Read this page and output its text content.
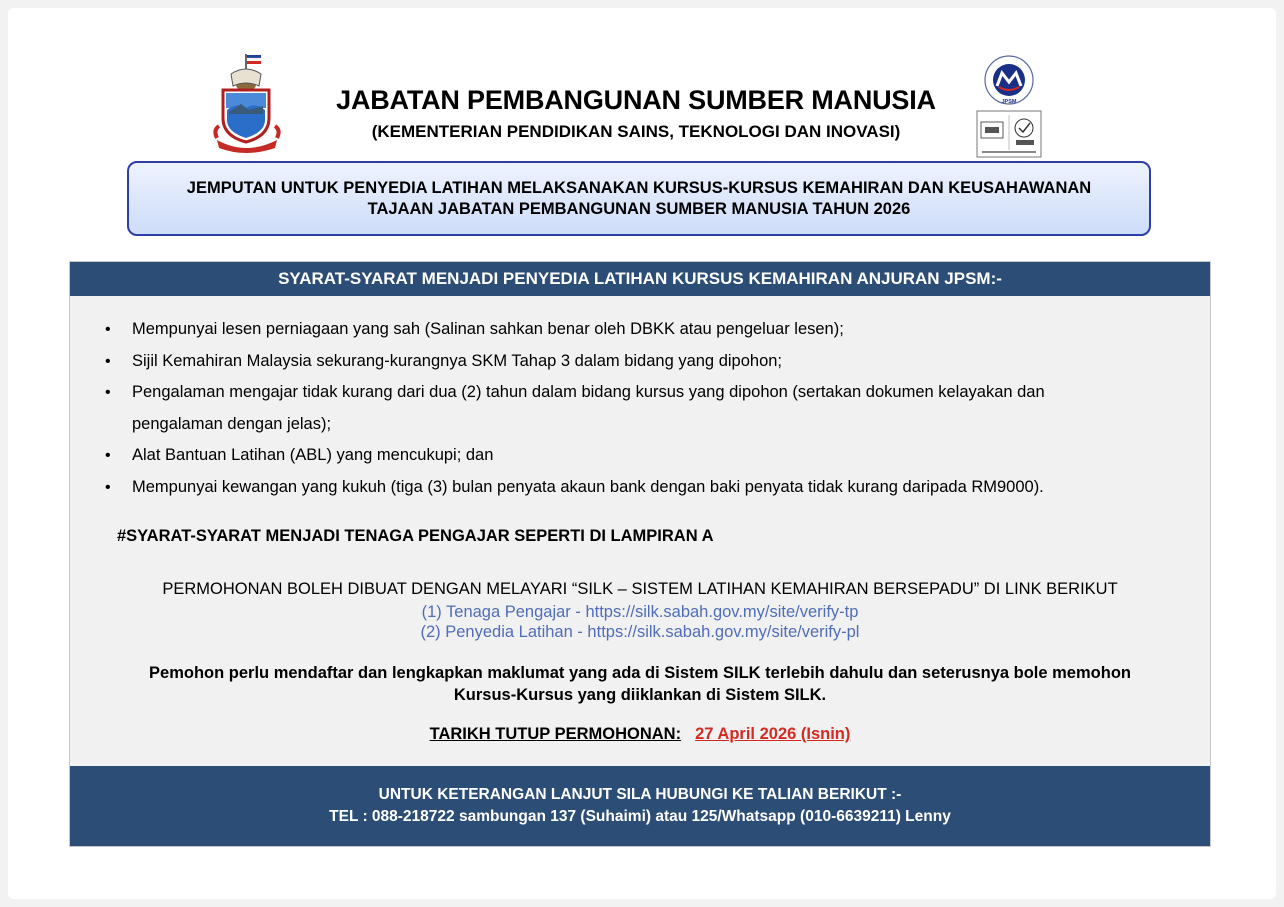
JABATAN PEMBANGUNAN SUMBER MANUSIA
(KEMENTERIAN PENDIDIKAN SAINS, TEKNOLOGI DAN INOVASI)
JPSM
JEMPUTAN UNTUK PENYEDIA LATIHAN MELAKSANAKAN KURSUS-KURSUS KEMAHIRAN DAN KEUSAHAWANAN
TAJAAN JABATAN PEMBANGUNAN SUMBER MANUSIA TAHUN 2026
SYARAT-SYARAT MENJADI PENYEDIA LATIHAN KURSUS KEMAHIRAN ANJURAN JPSM:-
• Mempunyai lesen perniagaan yang sah (Salinan sahkan benar oleh DBKK atau pengeluar lesen);
• Sijil Kemahiran Malaysia sekurang-kurangnya SKM Tahap 3 dalam bidang yang dipohon;
• Pengalaman mengajar tidak kurang dari dua (2) tahun dalam bidang kursus yang dipohon (sertakan dokumen kelayakan dan
pengalaman dengan jelas);
• Alat Bantuan Latihan (ABL) yang mencukupi; dan
• Mempunyai kewangan yang kukuh (tiga (3) bulan penyata akaun bank dengan baki penyata tidak kurang daripada RM9000).
#SYARAT-SYARAT MENJADI TENAGA PENGAJAR SEPERTI DI LAMPIRAN A
PERMOHONAN BOLEH DIBUAT DENGAN MELAYARI “SILK – SISTEM LATIHAN KEMAHIRAN BERSEPADU” DI LINK BERIKUT
(1) Tenaga Pengajar - https://silk.sabah.gov.my/site/verify-tp
(2) Penyedia Latihan - https://silk.sabah.gov.my/site/verify-pl
Pemohon perlu mendaftar dan lengkapkan maklumat yang ada di Sistem SILK terlebih dahulu dan seterusnya bole memohon
Kursus-Kursus yang diiklankan di Sistem SILK.
TARIKH TUTUP PERMOHONAN: 27 April 2026 (Isnin)
UNTUK KETERANGAN LANJUT SILA HUBUNGI KE TALIAN BERIKUT :-
TEL : 088-218722 sambungan 137 (Suhaimi) atau 125/Whatsapp (010-6639211) Lenny
